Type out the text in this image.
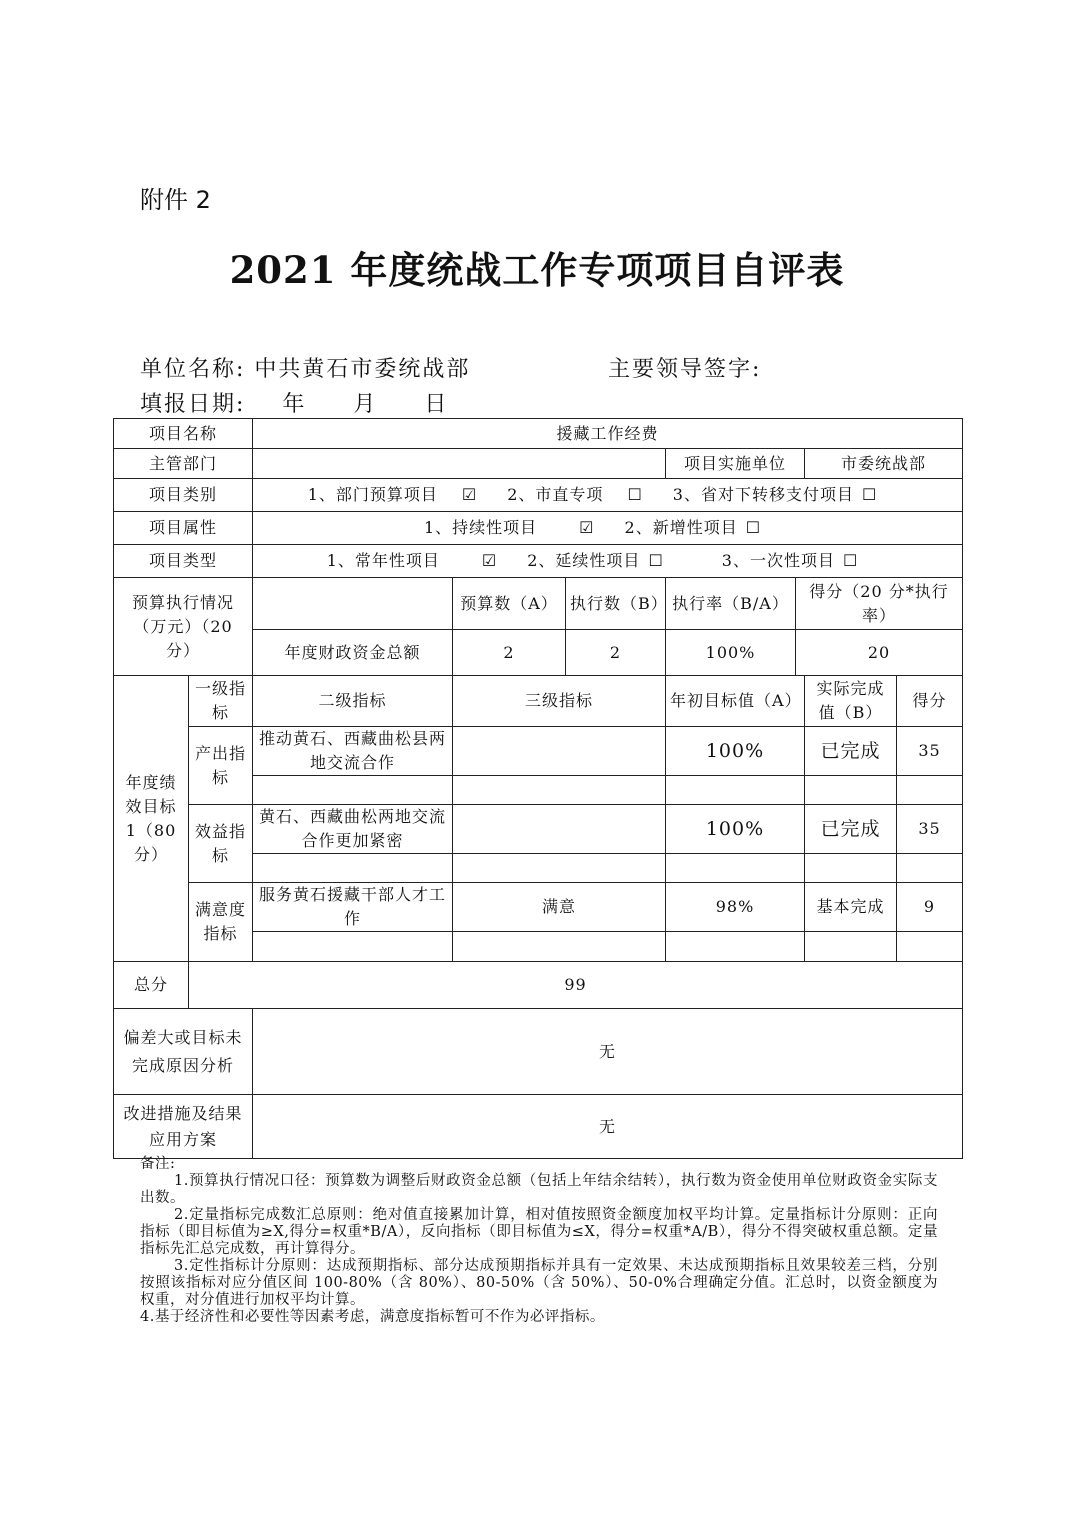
附件 2
2021 年度统战工作专项项目自评表
单位名称: 中共黄石市委统战部	主要领导签字:
填报日期: 年 月 日
项目名称		援藏工作经费						
主管部门					项目实施单位		市委统战部	
项目类别		1、部门预算项目 ☑ 2、市直专项 ☐ 3、省对下转移支付项目 ☐						
项目属性		1、持续性项目 ☑ 2、新增性项目 ☐						
项目类型		1、常年性项目 ☑ 2、延续性项目 ☐ 3、一次性项目 ☐						
预算执行情况（万元）（20 分）			预算数（A）	执行数（B）	执行率（B/A）	得分（20 分*执行率）		
		年度财政资金总额	2	2	100%	20		
年度绩效目标 1（80 分）	一级指标	二级指标	三级指标		年初目标值（A）		实际完成值（B）	得分
	产出指标	推动黄石、西藏曲松县两地交流合作			100%		已完成	35

	效益指标	黄石、西藏曲松两地交流合作更加紧密			100%		已完成	35

	满意度指标	服务黄石援藏干部人才工作	满意		98%		基本完成	9

总分	99							
偏差大或目标未完成原因分析		无						
改进措施及结果应用方案		无						

备注:

1.预算执行情况口径：预算数为调整后财政资金总额（包括上年结余结转），执行数为资金使用单位财政资金实际支出数。

2.定量指标完成数汇总原则：绝对值直接累加计算，相对值按照资金额度加权平均计算。定量指标计分原则：正向指标（即目标值为≥X,得分=权重*B/A），反向指标（即目标值为≤X，得分=权重*A/B），得分不得突破权重总额。定量指标先汇总完成数，再计算得分。

3.定性指标计分原则：达成预期指标、部分达成预期指标并具有一定效果、未达成预期指标且效果较差三档，分别按照该指标对应分值区间 100-80%（含 80%）、80-50%（含 50%）、50-0%合理确定分值。汇总时，以资金额度为权重，对分值进行加权平均计算。

4.基于经济性和必要性等因素考虑，满意度指标暂可不作为必评指标。
